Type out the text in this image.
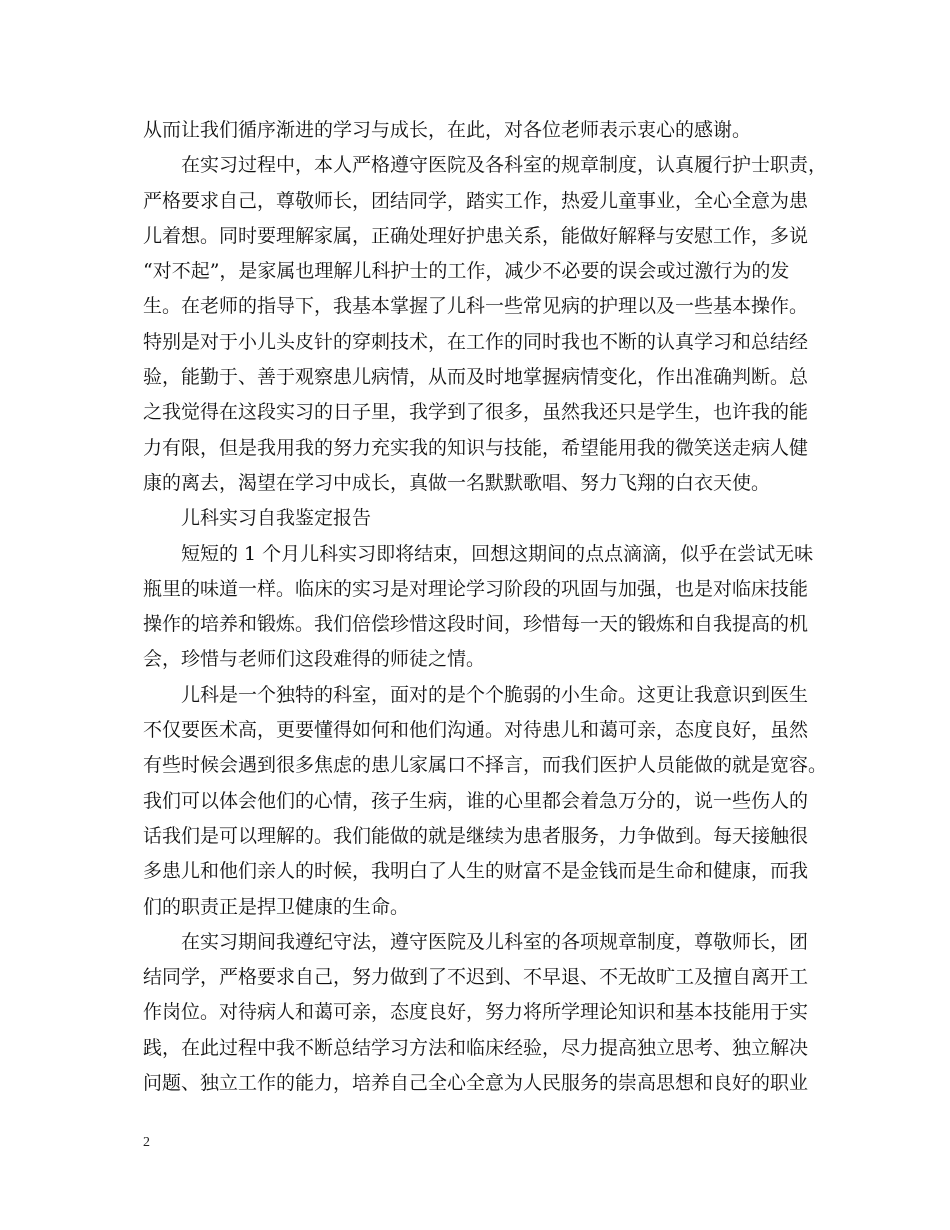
从而让我们循序渐进的学习与成长，在此，对各位老师表示衷心的感谢。
在实习过程中，本人严格遵守医院及各科室的规章制度，认真履行护士职责，
严格要求自己，尊敬师长，团结同学，踏实工作，热爱儿童事业，全心全意为患
儿着想。同时要理解家属，正确处理好护患关系，能做好解释与安慰工作，多说
“对不起”，是家属也理解儿科护士的工作，减少不必要的误会或过激行为的发
生。在老师的指导下，我基本掌握了儿科一些常见病的护理以及一些基本操作。
特别是对于小儿头皮针的穿刺技术，在工作的同时我也不断的认真学习和总结经
验，能勤于、善于观察患儿病情，从而及时地掌握病情变化，作出准确判断。总
之我觉得在这段实习的日子里，我学到了很多，虽然我还只是学生，也许我的能
力有限，但是我用我的努力充实我的知识与技能，希望能用我的微笑送走病人健
康的离去，渴望在学习中成长，真做一名默默歌唱、努力飞翔的白衣天使。
儿科实习自我鉴定报告
短短的 1 个月儿科实习即将结束，回想这期间的点点滴滴，似乎在尝试无味
瓶里的味道一样。临床的实习是对理论学习阶段的巩固与加强，也是对临床技能
操作的培养和锻炼。我们倍偿珍惜这段时间，珍惜每一天的锻炼和自我提高的机
会，珍惜与老师们这段难得的师徒之情。
儿科是一个独特的科室，面对的是个个脆弱的小生命。这更让我意识到医生
不仅要医术高，更要懂得如何和他们沟通。对待患儿和蔼可亲，态度良好，虽然
有些时候会遇到很多焦虑的患儿家属口不择言，而我们医护人员能做的就是宽容。
我们可以体会他们的心情，孩子生病，谁的心里都会着急万分的，说一些伤人的
话我们是可以理解的。我们能做的就是继续为患者服务，力争做到。每天接触很
多患儿和他们亲人的时候，我明白了人生的财富不是金钱而是生命和健康，而我
们的职责正是捍卫健康的生命。
在实习期间我遵纪守法，遵守医院及儿科室的各项规章制度，尊敬师长，团
结同学，严格要求自己，努力做到了不迟到、不早退、不无故旷工及擅自离开工
作岗位。对待病人和蔼可亲，态度良好，努力将所学理论知识和基本技能用于实
践，在此过程中我不断总结学习方法和临床经验，尽力提高独立思考、独立解决
问题、独立工作的能力，培养自己全心全意为人民服务的崇高思想和良好的职业
2
